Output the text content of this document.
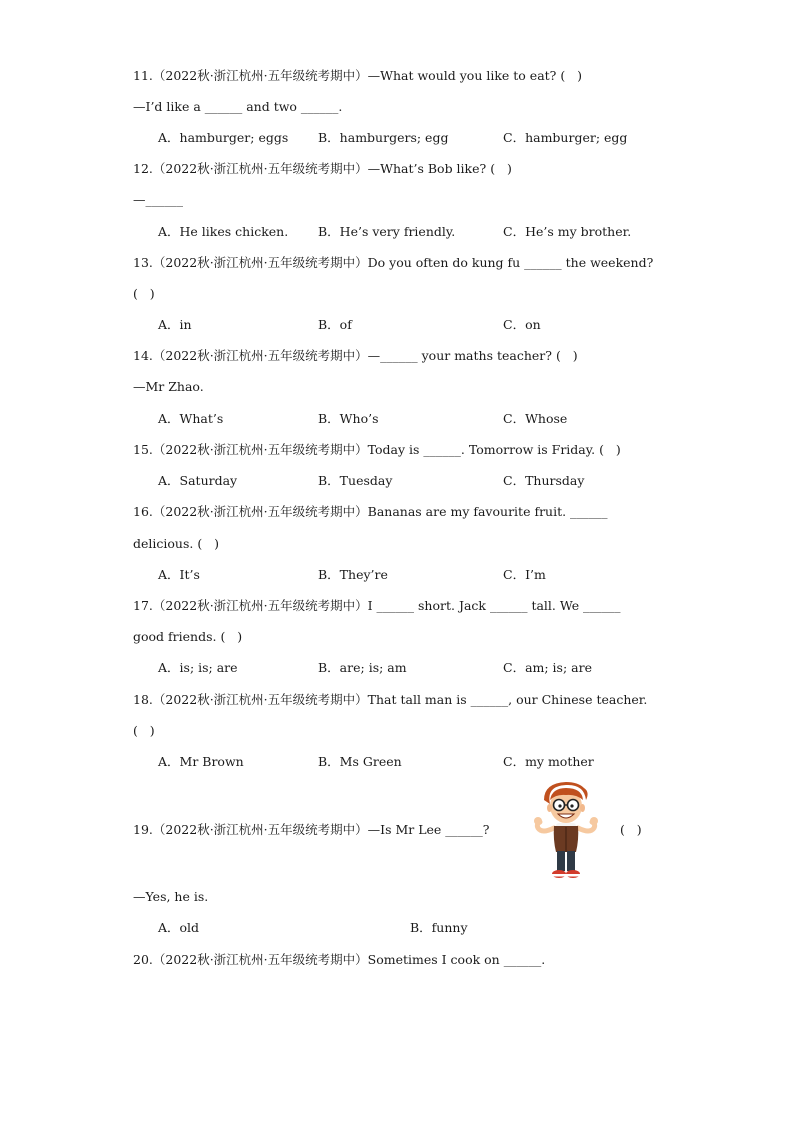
11.（2022秋·浙江杭州·五年级统考期中）—What would you like to eat? (   )
—I’d like a ______ and two ______.
A．hamburger; eggs B．hamburgers; egg	C．hamburger; egg
12.（2022秋·浙江杭州·五年级统考期中）—What’s Bob like? (   )
—______
A．He likes chicken. B．He’s very friendly.	C．He’s my brother.
13.（2022秋·浙江杭州·五年级统考期中）Do you often do kung fu ______ the weekend?
(   )
A．in	B．of	C．on
14.（2022秋·浙江杭州·五年级统考期中）—______ your maths teacher? (   )
—Mr Zhao.
A．What’s	B．Who’s	C．Whose
15.（2022秋·浙江杭州·五年级统考期中）Today is ______. Tomorrow is Friday. (   )
A．Saturday	B．Tuesday	C．Thursday
16.（2022秋·浙江杭州·五年级统考期中）Bananas are my favourite fruit. ______
delicious. (   )
A．It’s	B．They’re	C．I’m
17.（2022秋·浙江杭州·五年级统考期中）I ______ short. Jack ______ tall. We ______
good friends. (   )
A．is; is; are	B．are; is; am	C．am; is; are
18.（2022秋·浙江杭州·五年级统考期中）That tall man is ______, our Chinese teacher.
(   )
A．Mr Brown	B．Ms Green	C．my mother
19.（2022秋·浙江杭州·五年级统考期中）—Is Mr Lee ______?	(   )
—Yes, he is.
A．old	B．funny
20.（2022秋·浙江杭州·五年级统考期中）Sometimes I cook on ______.
